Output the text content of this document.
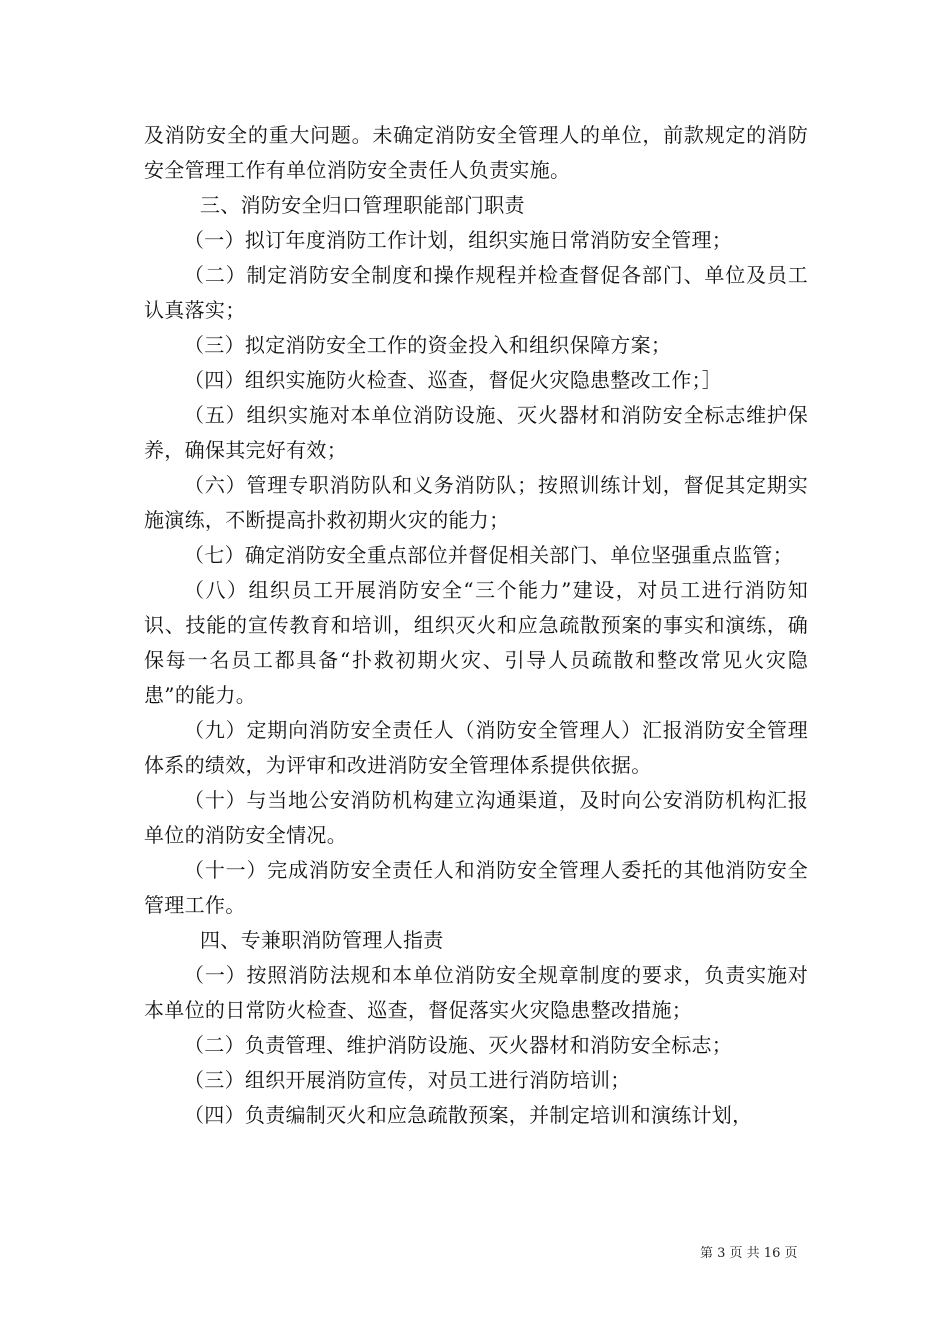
及消防安全的重大问题。未确定消防安全管理人的单位，前款规定的消防安全管理工作有单位消防安全责任人负责实施。

三、消防安全归口管理职能部门职责

（一）拟订年度消防工作计划，组织实施日常消防安全管理；

（二）制定消防安全制度和操作规程并检查督促各部门、单位及员工认真落实；

（三）拟定消防安全工作的资金投入和组织保障方案；

（四）组织实施防火检查、巡查，督促火灾隐患整改工作；］

（五）组织实施对本单位消防设施、灭火器材和消防安全标志维护保养，确保其完好有效；

（六）管理专职消防队和义务消防队；按照训练计划，督促其定期实施演练，不断提高扑救初期火灾的能力；

（七）确定消防安全重点部位并督促相关部门、单位坚强重点监管；

（八）组织员工开展消防安全“三个能力”建设，对员工进行消防知识、技能的宣传教育和培训，组织灭火和应急疏散预案的事实和演练，确保每一名员工都具备“扑救初期火灾、引导人员疏散和整改常见火灾隐患”的能力。

（九）定期向消防安全责任人（消防安全管理人）汇报消防安全管理体系的绩效，为评审和改进消防安全管理体系提供依据。

（十）与当地公安消防机构建立沟通渠道，及时向公安消防机构汇报单位的消防安全情况。

（十一）完成消防安全责任人和消防安全管理人委托的其他消防安全管理工作。

四、专兼职消防管理人指责

（一）按照消防法规和本单位消防安全规章制度的要求，负责实施对本单位的日常防火检查、巡查，督促落实火灾隐患整改措施；

（二）负责管理、维护消防设施、灭火器材和消防安全标志；

（三）组织开展消防宣传，对员工进行消防培训；

（四）负责编制灭火和应急疏散预案，并制定培训和演练计划，

第 3 页 共 16 页
